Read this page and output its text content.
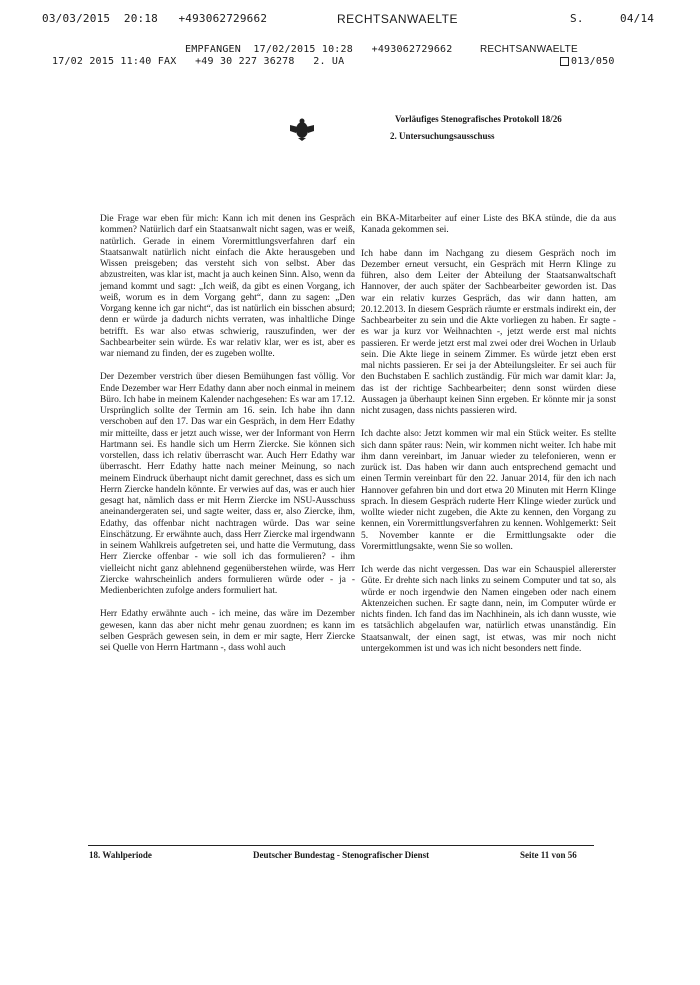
03/03/2015  20:18 +493062729662	RECHTSANWAELTE	S.	04/14
EMPFANGEN  17/02/2015 10:28   +493062729662	RECHTSANWAELTE
17/02 2015 11:40 FAX   +49 30 227 36278   2. UA	013/050
Vorläufiges Stenografisches Protokoll 18/26
2. Untersuchungsausschuss

Die Frage war eben für mich: Kann ich mit denen ins Gespräch kommen? Natürlich darf ein Staatsanwalt nicht sagen, was er weiß, natürlich. Gerade in einem Vorermittlungsverfahren darf ein Staatsanwalt natürlich nicht einfach die Akte herausgeben und Wissen preisgeben; das versteht sich von selbst. Aber das abzustreiten, was klar ist, macht ja auch keinen Sinn. Also, wenn da jemand kommt und sagt: „Ich weiß, da gibt es einen Vorgang, ich weiß, worum es in dem Vorgang geht“, dann zu sagen: „Den Vorgang kenne ich gar nicht“, das ist natürlich ein bisschen absurd; denn er würde ja dadurch nichts verraten, was inhaltliche Dinge betrifft. Es war also etwas schwierig, rauszufinden, wer der Sachbearbeiter sein würde. Es war relativ klar, wer es ist, aber es war niemand zu finden, der es zugeben wollte.

Der Dezember verstrich über diesen Bemühungen fast völlig. Vor Ende Dezember war Herr Edathy dann aber noch einmal in meinem Büro. Ich habe in meinem Kalender nachgesehen: Es war am 17.12. Ursprünglich sollte der Termin am 16. sein. Ich habe ihn dann verschoben auf den 17. Das war ein Gespräch, in dem Herr Edathy mir mitteilte, dass er jetzt auch wisse, wer der Informant von Herrn Hartmann sei. Es handle sich um Herrn Ziercke. Sie können sich vorstellen, dass ich relativ überrascht war. Auch Herr Edathy war überrascht. Herr Edathy hatte nach meiner Meinung, so nach meinem Eindruck überhaupt nicht damit gerechnet, dass es sich um Herrn Ziercke handeln könnte. Er verwies auf das, was er auch hier gesagt hat, nämlich dass er mit Herrn Ziercke im NSU-Ausschuss aneinandergeraten sei, und sagte weiter, dass er, also Ziercke, ihm, Edathy, das offenbar nicht nachtragen würde. Das war seine Einschätzung. Er erwähnte auch, dass Herr Ziercke mal irgendwann in seinem Wahlkreis aufgetreten sei, und hatte die Vermutung, dass Herr Ziercke offenbar - wie soll ich das formulieren? - ihm vielleicht nicht ganz ablehnend gegenüberstehen würde, was Herr Ziercke wahrscheinlich anders formulieren würde oder - ja - Medienberichten zufolge anders formuliert hat.

Herr Edathy erwähnte auch - ich meine, das wäre im Dezember gewesen, kann das aber nicht mehr genau zuordnen; es kann im selben Gespräch gewesen sein, in dem er mir sagte, Herr Ziercke sei Quelle von Herrn Hartmann -, dass wohl auch

ein BKA-Mitarbeiter auf einer Liste des BKA stünde, die da aus Kanada gekommen sei.

Ich habe dann im Nachgang zu diesem Gespräch noch im Dezember erneut versucht, ein Gespräch mit Herrn Klinge zu führen, also dem Leiter der Abteilung der Staatsanwaltschaft Hannover, der auch später der Sachbearbeiter geworden ist. Das war ein relativ kurzes Gespräch, das wir dann hatten, am 20.12.2013. In diesem Gespräch räumte er erstmals indirekt ein, der Sachbearbeiter zu sein und die Akte vorliegen zu haben. Er sagte - es war ja kurz vor Weihnachten -, jetzt werde erst mal nichts passieren. Er werde jetzt erst mal zwei oder drei Wochen in Urlaub sein. Die Akte liege in seinem Zimmer. Es würde jetzt eben erst mal nichts passieren. Er sei ja der Abteilungsleiter. Er sei auch für den Buchstaben E sachlich zuständig. Für mich war damit klar: Ja, das ist der richtige Sachbearbeiter; denn sonst würden diese Aussagen ja überhaupt keinen Sinn ergeben. Er könnte mir ja sonst nicht zusagen, dass nichts passieren wird.

Ich dachte also: Jetzt kommen wir mal ein Stück weiter. Es stellte sich dann später raus: Nein, wir kommen nicht weiter. Ich habe mit ihm dann vereinbart, im Januar wieder zu telefonieren, wenn er zurück ist. Das haben wir dann auch entsprechend gemacht und einen Termin vereinbart für den 22. Januar 2014, für den ich nach Hannover gefahren bin und dort etwa 20 Minuten mit Herrn Klinge sprach. In diesem Gespräch ruderte Herr Klinge wieder zurück und wollte wieder nicht zugeben, die Akte zu kennen, den Vorgang zu kennen, ein Vorermittlungsverfahren zu kennen. Wohlgemerkt: Seit 5. November kannte er die Ermittlungsakte oder die Vorermittlungsakte, wenn Sie so wollen.

Ich werde das nicht vergessen. Das war ein Schauspiel allererster Güte. Er drehte sich nach links zu seinem Computer und tat so, als würde er noch irgendwie den Namen eingeben oder nach einem Aktenzeichen suchen. Er sagte dann, nein, im Computer würde er nichts finden. Ich fand das im Nachhinein, als ich dann wusste, wie es tatsächlich abgelaufen war, natürlich etwas unanständig. Ein Staatsanwalt, der einen sagt, ist etwas, was mir noch nicht untergekommen ist und was ich nicht besonders nett finde.

18. Wahlperiode	Deutscher Bundestag - Stenografischer Dienst	Seite 11 von 56
